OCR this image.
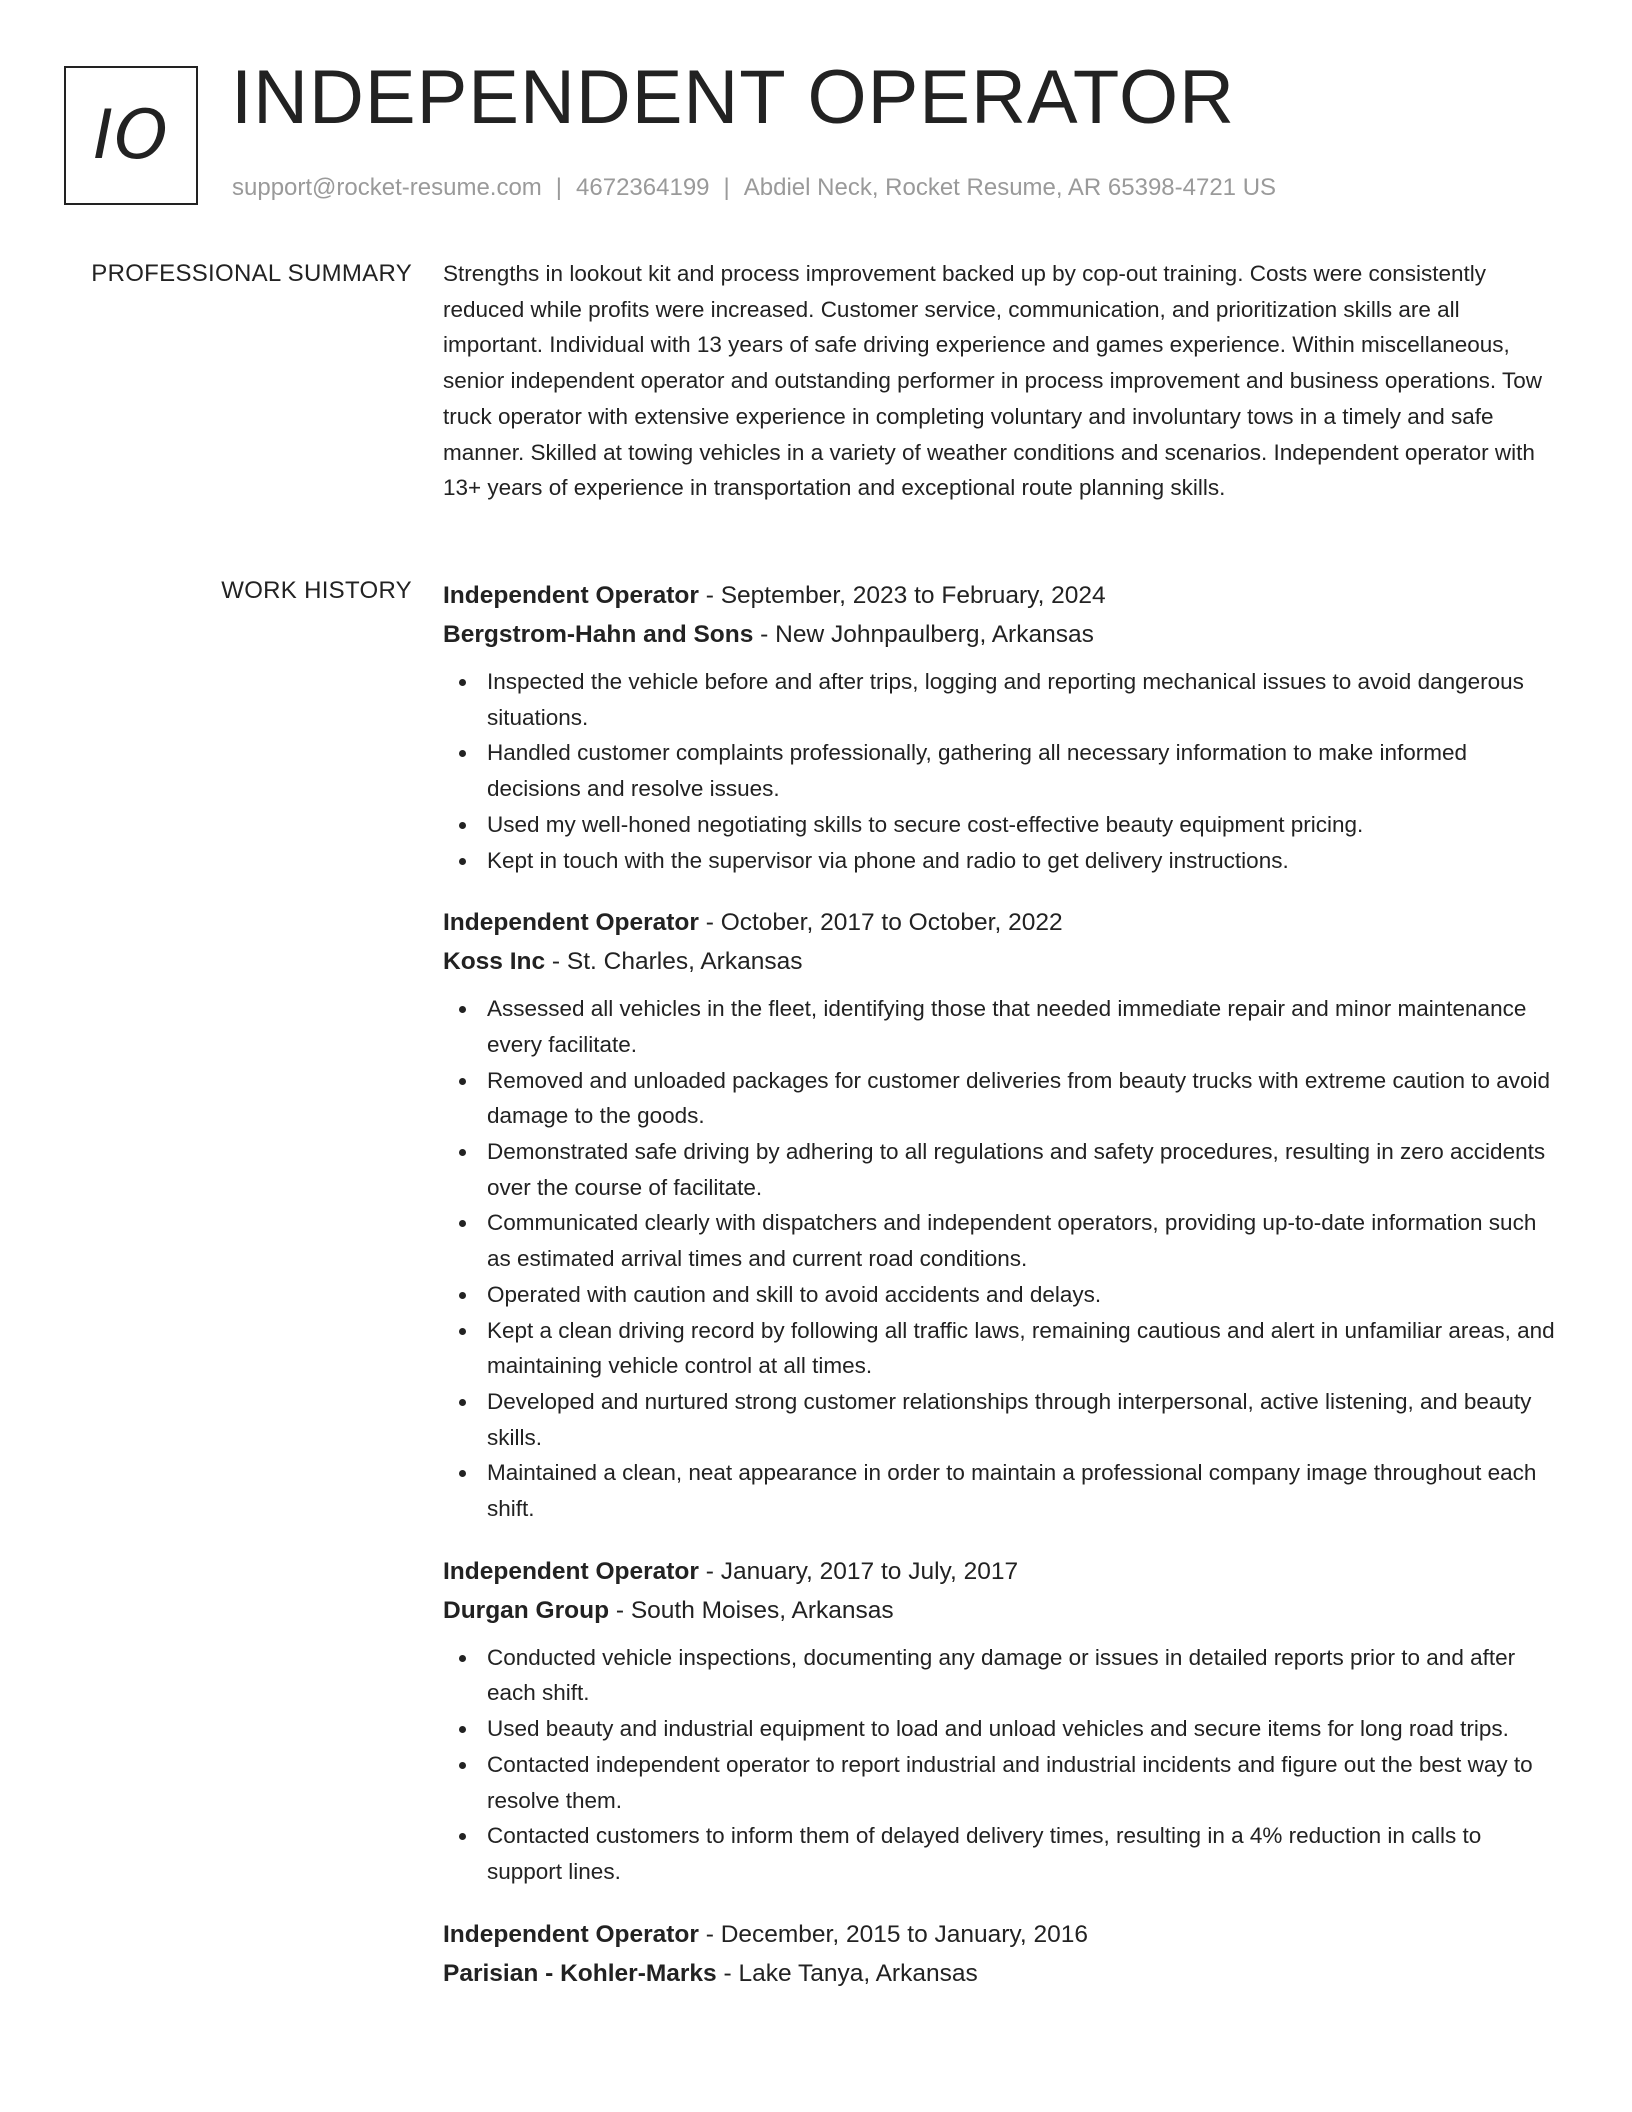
IO INDEPENDENT OPERATOR
support@rocket-resume.com | 4672364199 | Abdiel Neck, Rocket Resume, AR 65398-4721 US
PROFESSIONAL SUMMARY Strengths in lookout kit and process improvement backed up by cop-out training. Costs were consistently reduced while profits were increased. Customer service, communication, and prioritization skills are all important. Individual with 13 years of safe driving experience and games experience. Within miscellaneous, senior independent operator and outstanding performer in process improvement and business operations. Tow truck operator with extensive experience in completing voluntary and involuntary tows in a timely and safe manner. Skilled at towing vehicles in a variety of weather conditions and scenarios. Independent operator with 13+ years of experience in transportation and exceptional route planning skills.

WORK HISTORY Independent Operator - September, 2023 to February, 2024
Bergstrom-Hahn and Sons - New Johnpaulberg, Arkansas
Inspected the vehicle before and after trips, logging and reporting mechanical issues to avoid dangerous situations.
Handled customer complaints professionally, gathering all necessary information to make informed decisions and resolve issues.
Used my well-honed negotiating skills to secure cost-effective beauty equipment pricing.
Kept in touch with the supervisor via phone and radio to get delivery instructions.
Independent Operator - October, 2017 to October, 2022
Koss Inc - St. Charles, Arkansas
Assessed all vehicles in the fleet, identifying those that needed immediate repair and minor maintenance every facilitate.
Removed and unloaded packages for customer deliveries from beauty trucks with extreme caution to avoid damage to the goods.
Demonstrated safe driving by adhering to all regulations and safety procedures, resulting in zero accidents over the course of facilitate.
Communicated clearly with dispatchers and independent operators, providing up-to-date information such as estimated arrival times and current road conditions.
Operated with caution and skill to avoid accidents and delays.
Kept a clean driving record by following all traffic laws, remaining cautious and alert in unfamiliar areas, and maintaining vehicle control at all times.
Developed and nurtured strong customer relationships through interpersonal, active listening, and beauty skills.
Maintained a clean, neat appearance in order to maintain a professional company image throughout each shift.
Independent Operator - January, 2017 to July, 2017
Durgan Group - South Moises, Arkansas
Conducted vehicle inspections, documenting any damage or issues in detailed reports prior to and after each shift.
Used beauty and industrial equipment to load and unload vehicles and secure items for long road trips.
Contacted independent operator to report industrial and industrial incidents and figure out the best way to resolve them.
Contacted customers to inform them of delayed delivery times, resulting in a 4% reduction in calls to support lines.
Independent Operator - December, 2015 to January, 2016
Parisian - Kohler-Marks - Lake Tanya, Arkansas
